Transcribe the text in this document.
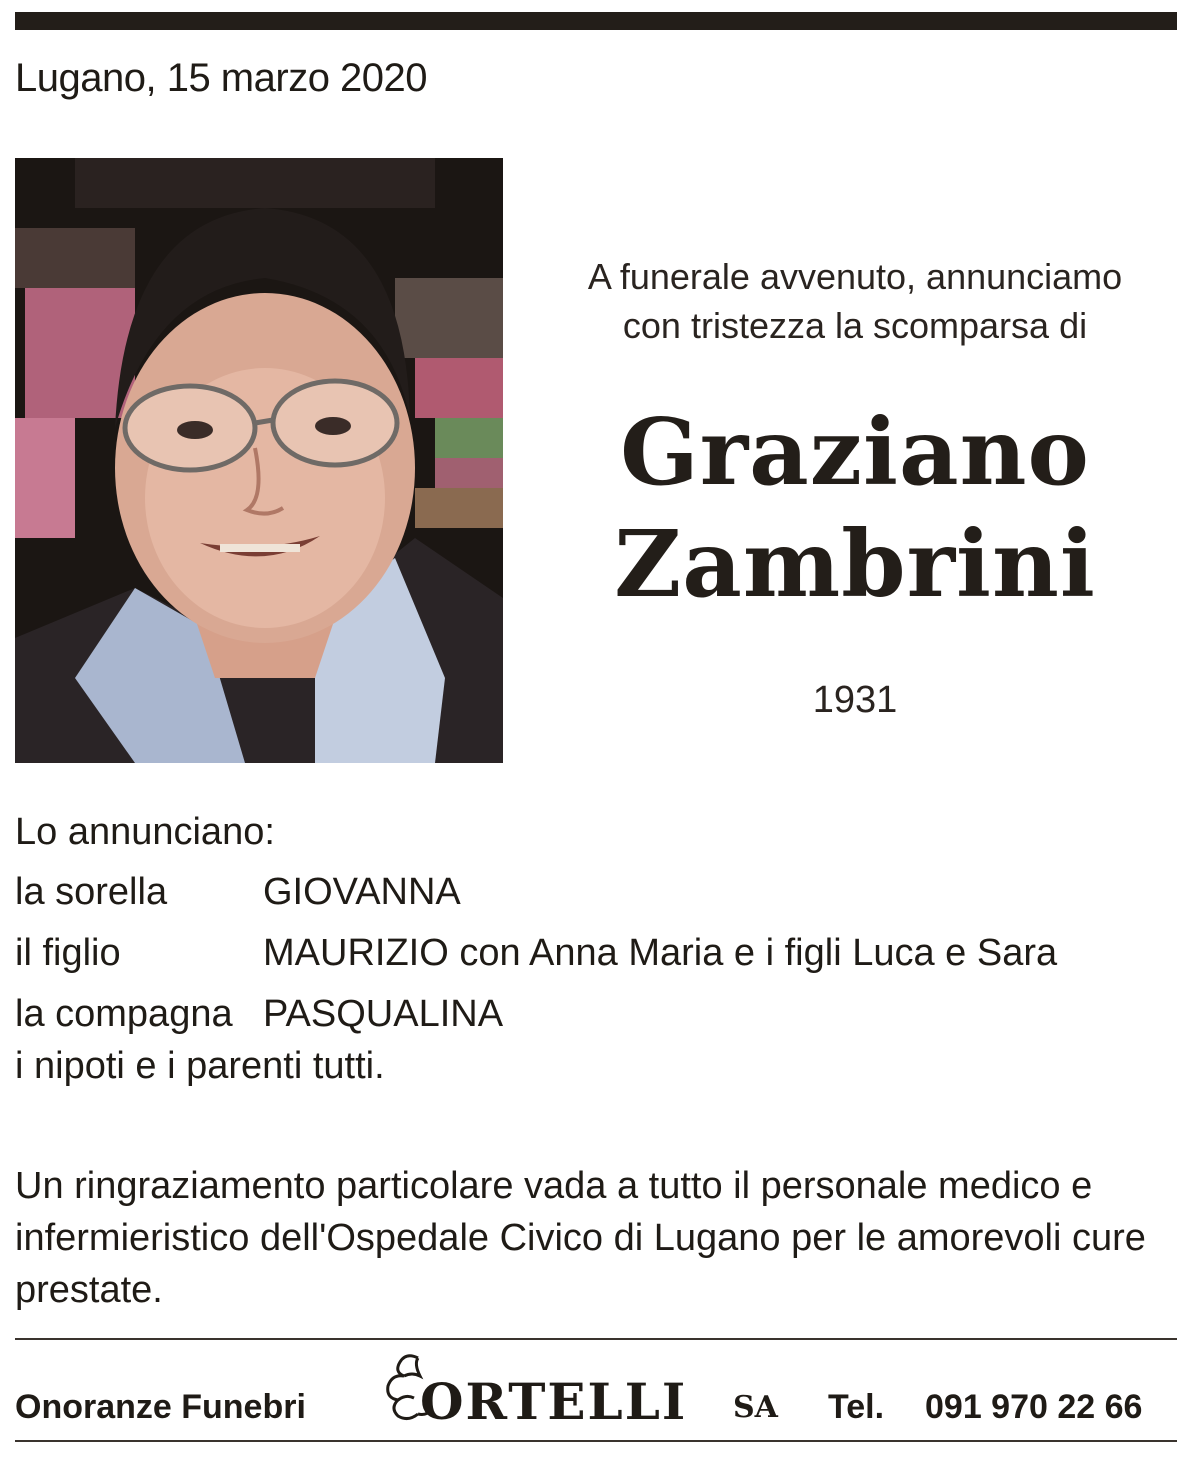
Lugano, 15 marzo 2020
A funerale avvenuto, annunciamo
con tristezza la scomparsa di
Graziano
Zambrini
1931
Lo annunciano:
la sorella	GIOVANNA
il figlio	MAURIZIO con Anna Maria e i figli Luca e Sara
la compagna PASQUALINA
i nipoti e i parenti tutti.
Un ringraziamento particolare vada a tutto il personale medico e
infermieristico dell'Ospedale Civico di Lugano per le amorevoli cure
prestate.
Onoranze Funebri ORTELLI SA Tel. 091 970 22 66
